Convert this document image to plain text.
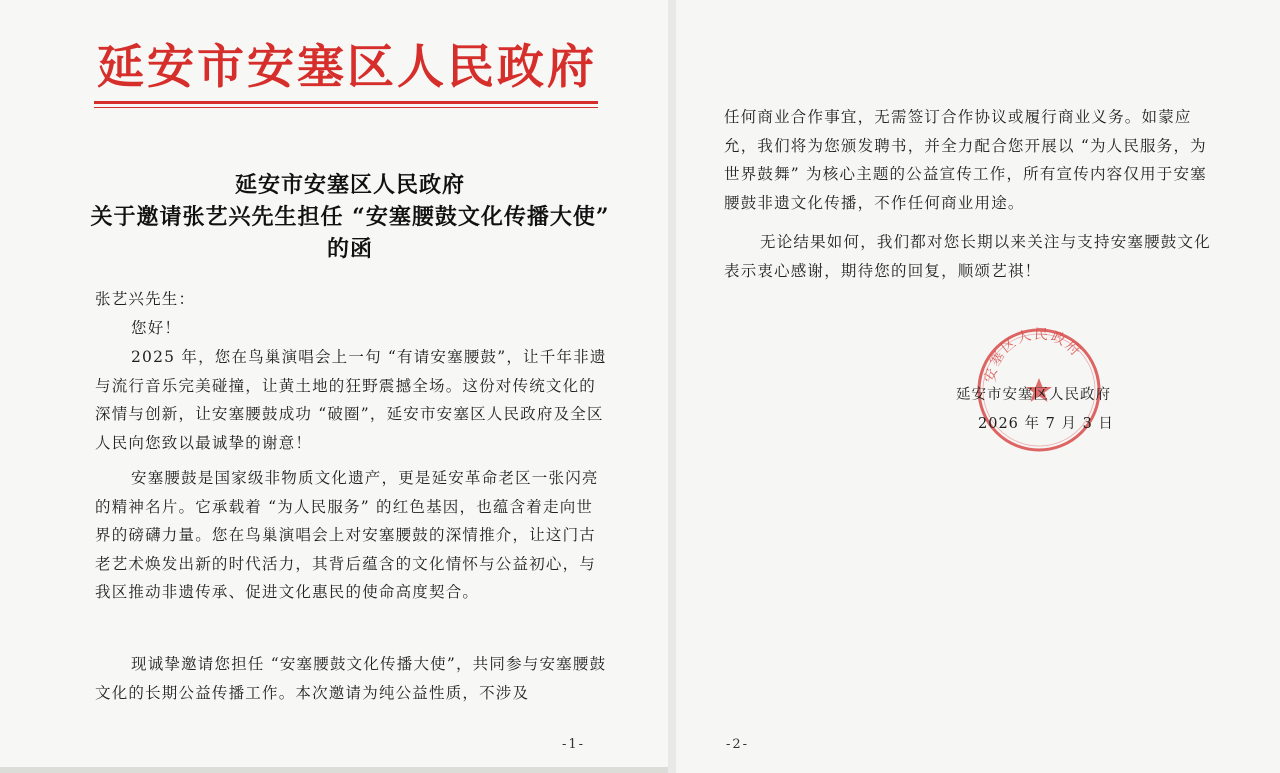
延安市安塞区人民政府
延安市安塞区人民政府
关于邀请张艺兴先生担任 “安塞腰鼓文化传播大使”
的函
张艺兴先生：
您好！
2025 年，您在鸟巢演唱会上一句 “有请安塞腰鼓”，让千年非遗与流行音乐完美碰撞，让黄土地的狂野震撼全场。这份对传统文化的深情与创新，让安塞腰鼓成功 “破圈”，延安市安塞区人民政府及全区人民向您致以最诚挚的谢意！
安塞腰鼓是国家级非物质文化遗产，更是延安革命老区一张闪亮的精神名片。它承载着 “为人民服务” 的红色基因，也蕴含着走向世界的磅礴力量。您在鸟巢演唱会上对安塞腰鼓的深情推介，让这门古老艺术焕发出新的时代活力，其背后蕴含的文化情怀与公益初心，与我区推动非遗传承、促进文化惠民的使命高度契合。
现诚挚邀请您担任 “安塞腰鼓文化传播大使”，共同参与安塞腰鼓文化的长期公益传播工作。本次邀请为纯公益性质，不涉及
-1-
任何商业合作事宜，无需签订合作协议或履行商业义务。如蒙应允，我们将为您颁发聘书，并全力配合您开展以 “为人民服务，为世界鼓舞” 为核心主题的公益宣传工作，所有宣传内容仅用于安塞腰鼓非遗文化传播，不作任何商业用途。
无论结果如何，我们都对您长期以来关注与支持安塞腰鼓文化表示衷心感谢，期待您的回复，顺颂艺祺！
-2-
安塞区人民政府
延安市安塞区人民政府
2026 年 7 月 3 日
